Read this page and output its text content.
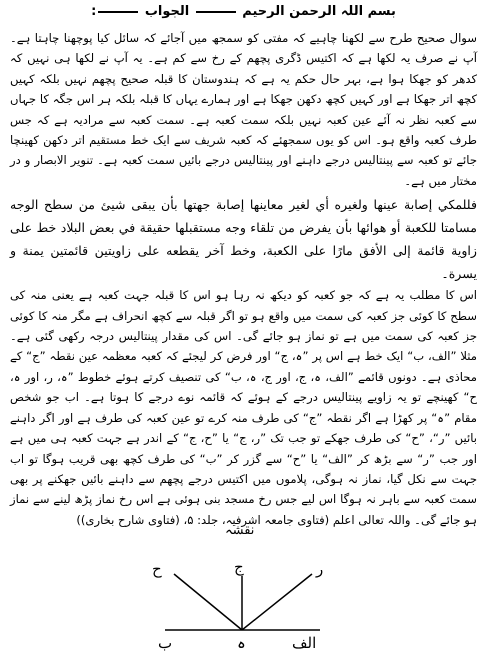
بسم اللہ الرحمن الرحیم  الجواب :

سوال صحیح طرح سے لکھنا چاہیے کہ مفتی کو سمجھ میں آجائے کہ سائل کیا پوچھنا چاہتا ہے۔ آپ نے صرف یہ لکھا ہے کہ اکتیس ڈگری پچھم کے رخ سے کم ہے۔ یہ آپ نے لکھا ہی نہیں کہ کدھر کو جھکا ہوا ہے، بہر حال حکم یہ ہے کہ ہندوستان کا قبلہ صحیح پچھم نہیں بلکہ کہیں کچھ اتر جھکا ہے اور کہیں کچھ دکھن جھکا ہے اور ہمارے یہاں کا قبلہ بلکہ ہر اس جگہ کا جہاں سے کعبہ نظر نہ آئے عین کعبہ نہیں بلکہ سمت کعبہ ہے۔ سمت کعبہ سے مرادیہ ہے کہ جس طرف کعبہ واقع ہو۔ اس کو یوں سمجھئے کہ کعبہ شریف سے ایک خط مستقیم اتر دکھن کھینچا جائے تو کعبہ سے پینتالیس درجے داہنے اور پینتالیس درجے بائیں سمت کعبہ ہے۔ تنویر الابصار و در مختار میں ہے۔

فللمكي إصابة عينها ولغيره أي لغير معاينها إصابة جهتها بأن يبقى شيئ من سطح الوجه مسامتا للكعبة أو هوائها بأن يفرض من تلقاء وجه مستقبلها حقيقة في بعض البلاد خط على زاوية قائمة إلى الأفق مارًا على الكعبة، وخط آخر يقطعه على زاويتين قائمتين يمنة و يسرة۔

اس کا مطلب یہ ہے کہ جو کعبہ کو دیکھ نہ رہا ہو اس کا قبلہ جہت کعبہ ہے یعنی منہ کی سطح کا کوئی جز کعبہ کی سمت میں واقع ہو تو اگر قبلہ سے کچھ انحراف ہے مگر منہ کا کوئی جز کعبہ کی سمت میں ہے تو نماز ہو جائے گی۔ اس کی مقدار پینتالیس درجہ رکھی گئی ہے۔ مثلا ”الف، ب“ ایک خط ہے اس پر ”ہ، ج“ اور فرض کر لیجئے کہ کعبہ معظمہ عین نقطہ ”ج“ کے محاذی ہے۔ دونوں قائمے ”الف، ہ، ج، اور ج، ہ، ب“ کی تنصیف کرتے ہوئے خطوط ”ہ، ر، اور ہ، ح“ کھینچے تو یہ زاویے پینتالیس درجے کے ہوئے کہ قائمہ نوے درجے کا ہوتا ہے۔ اب جو شخص مقام ”ہ“ پر کھڑا ہے اگر نقطہ ”ج“ کی طرف منہ کرے تو عین کعبہ کی طرف ہے اور اگر داہنے بائیں ”ر“، ”ح“ کی طرف جھکے تو جب تک ”ر، ج“ یا ”ح، ج“ کے اندر ہے جہت کعبہ ہی میں ہے اور جب ”ر“ سے بڑھ کر ”الف“ یا ”ح“ سے گزر کر ”ب“ کی طرف کچھ بھی قریب ہوگا تو اب جہت سے نکل گیا، نماز نہ ہوگی، پلاموں میں اکتیس درجے پچھم سے داہنے بائیں جھکنے پر بھی سمت کعبہ سے باہر نہ ہوگا اس لیے جس رخ مسجد بنی ہوئی ہے اس رخ نماز پڑھ لینے سے نماز ہو جائے گی۔ واللہ تعالی اعلم (فتاوی جامعہ اشرفیہ، جلد: ۵، (فتاوی شارح بخاری))

نقشہ
ح	ج	ر
ب	ہ	الف
